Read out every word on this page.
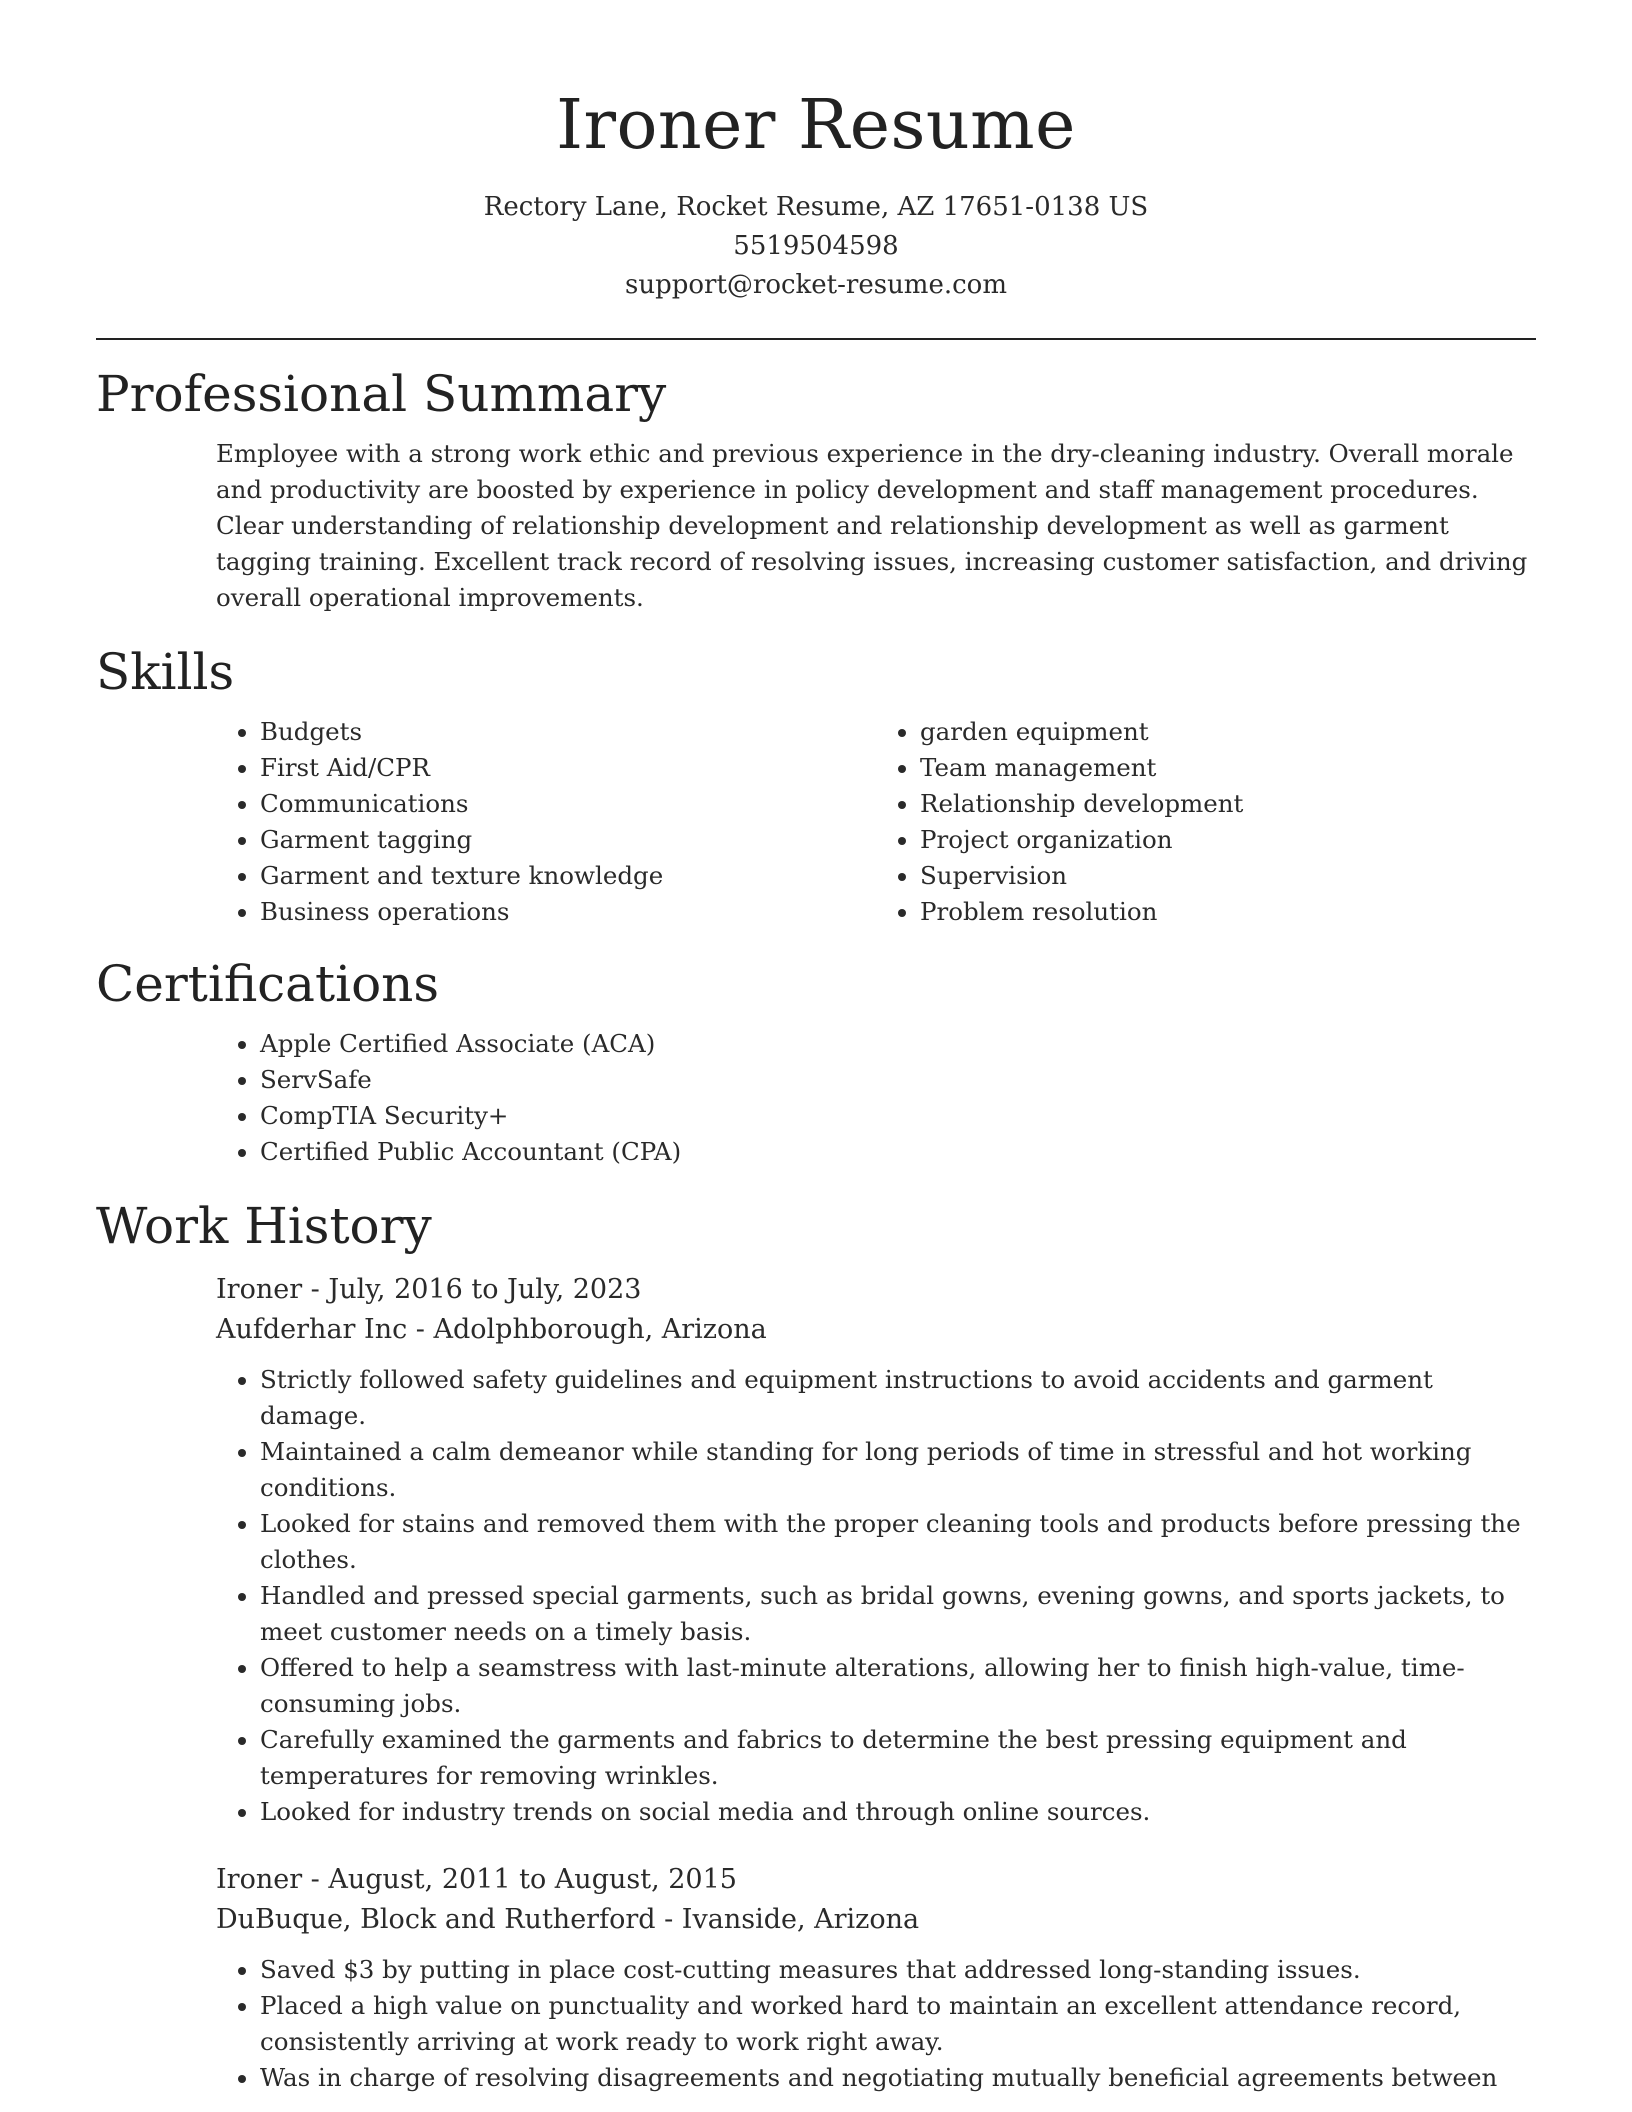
Ironer Resume
Rectory Lane, Rocket Resume, AZ 17651-0138 US
5519504598
support@rocket-resume.com
Professional Summary
Employee with a strong work ethic and previous experience in the dry-cleaning industry. Overall morale and productivity are boosted by experience in policy development and staff management procedures. Clear understanding of relationship development and relationship development as well as garment tagging training. Excellent track record of resolving issues, increasing customer satisfaction, and driving overall operational improvements.
Skills
• Budgets
• First Aid/CPR
• Communications
• Garment tagging
• Garment and texture knowledge
• Business operations
• garden equipment
• Team management
• Relationship development
• Project organization
• Supervision
• Problem resolution
Certifications
• Apple Certified Associate (ACA)
• ServSafe
• CompTIA Security+
• Certified Public Accountant (CPA)
Work History
Ironer - July, 2016 to July, 2023
Aufderhar Inc - Adolphborough, Arizona
• Strictly followed safety guidelines and equipment instructions to avoid accidents and garment damage.
• Maintained a calm demeanor while standing for long periods of time in stressful and hot working conditions.
• Looked for stains and removed them with the proper cleaning tools and products before pressing the clothes.
• Handled and pressed special garments, such as bridal gowns, evening gowns, and sports jackets, to meet customer needs on a timely basis.
• Offered to help a seamstress with last-minute alterations, allowing her to finish high-value, time-consuming jobs.
• Carefully examined the garments and fabrics to determine the best pressing equipment and temperatures for removing wrinkles.
• Looked for industry trends on social media and through online sources.
Ironer - August, 2011 to August, 2015
DuBuque, Block and Rutherford - Ivanside, Arizona
• Saved $3 by putting in place cost-cutting measures that addressed long-standing issues.
• Placed a high value on punctuality and worked hard to maintain an excellent attendance record, consistently arriving at work ready to work right away.
• Was in charge of resolving disagreements and negotiating mutually beneficial agreements between
